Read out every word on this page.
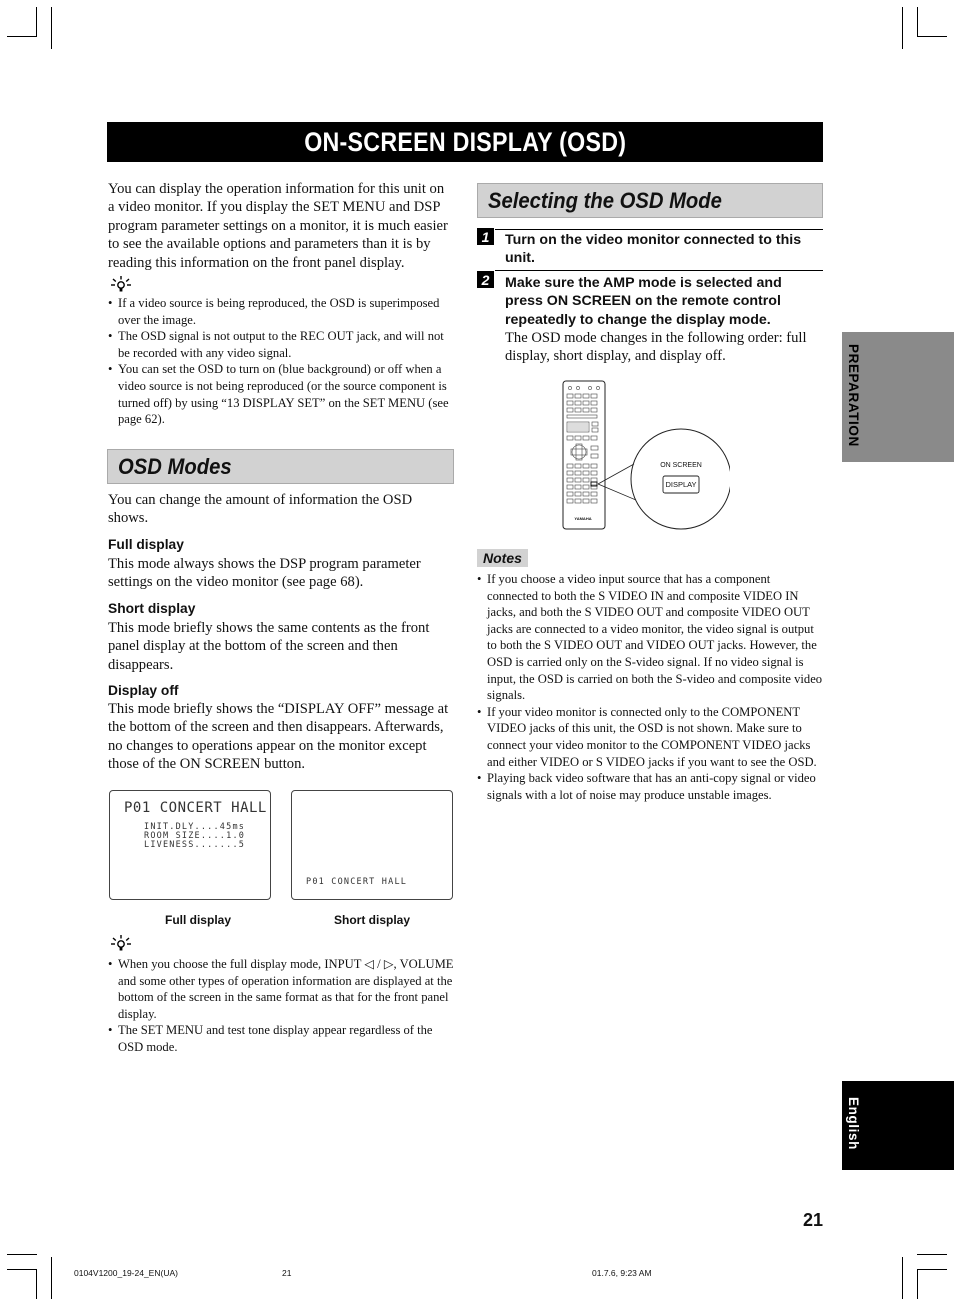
ON-SCREEN DISPLAY (OSD)
You can display the operation information for this unit on a video monitor. If you display the SET MENU and DSP program parameter settings on a monitor, it is much easier to see the available options and parameters than it is by reading this information on the front panel display.
• If a video source is being reproduced, the OSD is superimposed over the image.
• The OSD signal is not output to the REC OUT jack, and will not be recorded with any video signal.
• You can set the OSD to turn on (blue background) or off when a video source is not being reproduced (or the source component is turned off) by using “13 DISPLAY SET” on the SET MENU (see page 62).
OSD Modes
You can change the amount of information the OSD shows.
Full display
This mode always shows the DSP program parameter settings on the video monitor (see page 68).
Short display
This mode briefly shows the same contents as the front panel display at the bottom of the screen and then disappears.
Display off
This mode briefly shows the “DISPLAY OFF” message at the bottom of the screen and then disappears. Afterwards, no changes to operations appear on the monitor except those of the ON SCREEN button.
P01 CONCERT HALL
INIT.DLY....45ms
ROOM SIZE....1.0
LIVENESS.......5
P01 CONCERT HALL
Full display	Short display
• When you choose the full display mode, INPUT ◁ / ▷, VOLUME and some other types of operation information are displayed at the bottom of the screen in the same format as that for the front panel display.
• The SET MENU and test tone display appear regardless of the OSD mode.
Selecting the OSD Mode
1	Turn on the video monitor connected to this unit.
2	Make sure the AMP mode is selected and press ON SCREEN on the remote control repeatedly to change the display mode.
The OSD mode changes in the following order: full display, short display, and display off.
ON SCREEN
DISPLAY
YAMAHA
Notes
• If you choose a video input source that has a component connected to both the S VIDEO IN and composite VIDEO IN jacks, and both the S VIDEO OUT and composite VIDEO OUT jacks are connected to a video monitor, the video signal is output to both the S VIDEO OUT and VIDEO OUT jacks. However, the OSD is carried only on the S-video signal. If no video signal is input, the OSD is carried on both the S-video and composite video signals.
• If your video monitor is connected only to the COMPONENT VIDEO jacks of this unit, the OSD is not shown. Make sure to connect your video monitor to the COMPONENT VIDEO jacks and either VIDEO or S VIDEO jacks if you want to see the OSD.
• Playing back video software that has an anti-copy signal or video signals with a lot of noise may produce unstable images.
PREPARATION
English
21
0104V1200_19-24_EN(UA)	21	01.7.6, 9:23 AM
